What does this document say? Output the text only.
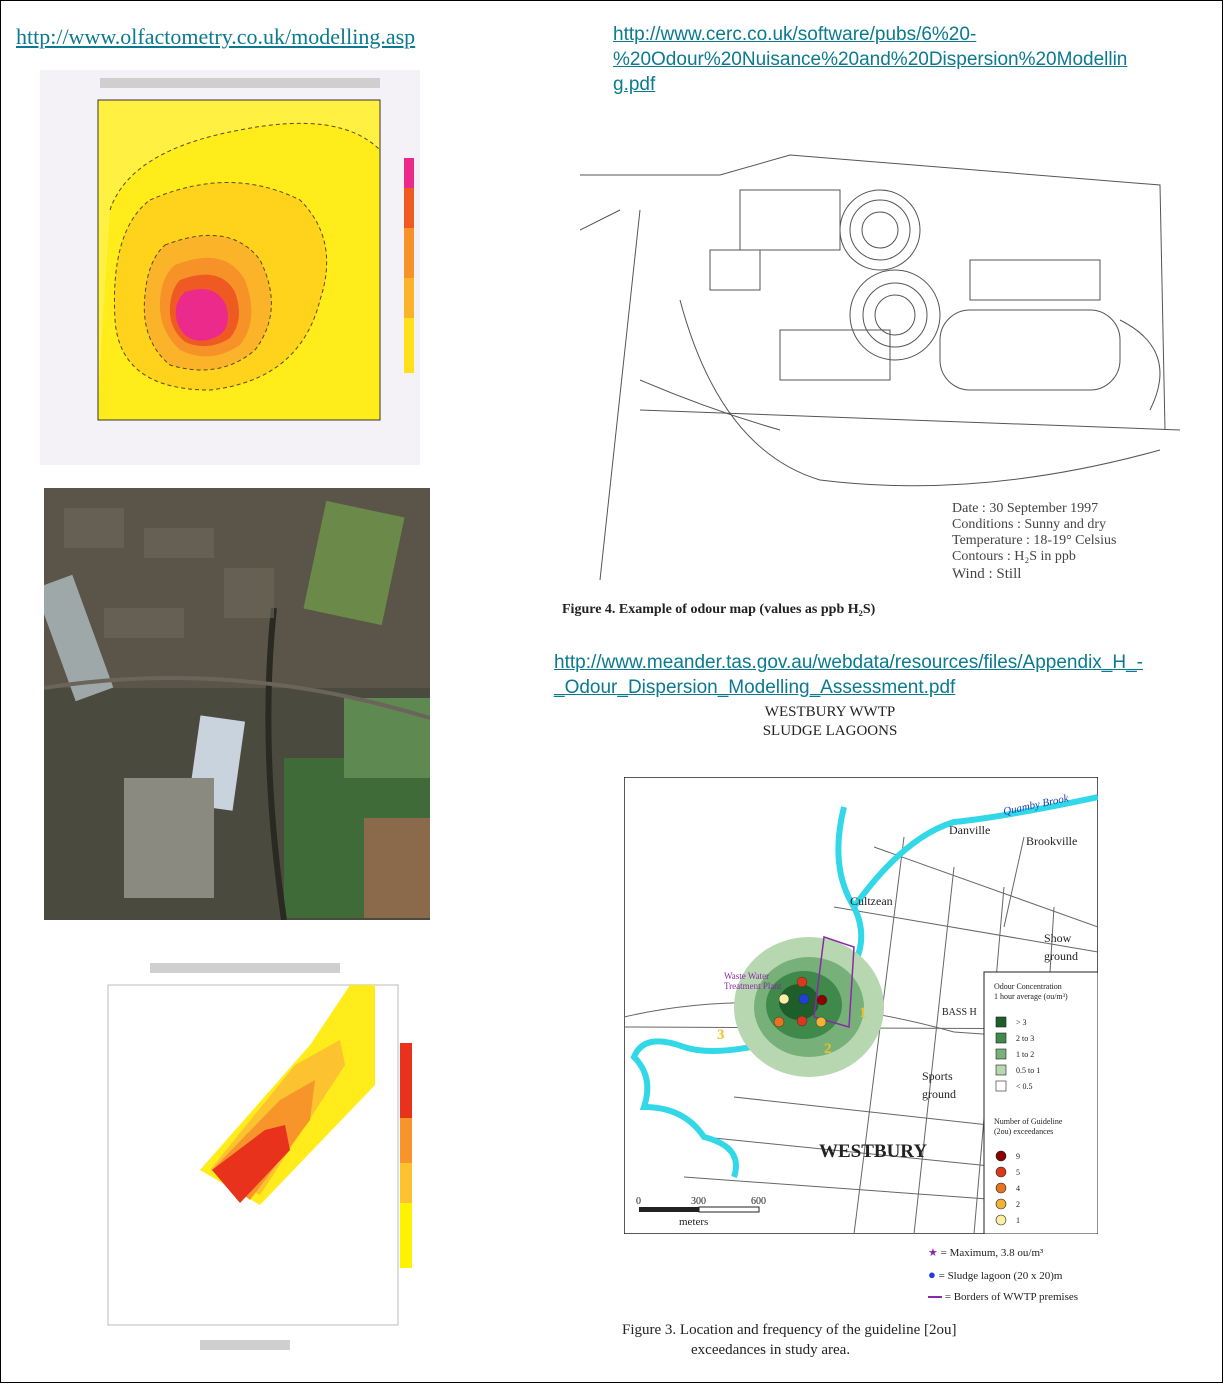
http://www.olfactometry.co.uk/modelling.asp	http://www.cerc.co.uk/software/pubs/6%20-
%20Odour%20Nuisance%20and%20Dispersion%20Modellin
g.pdf
http://www.meander.tas.gov.au/webdata/resources/files/Appendix_H_-
_Odour_Dispersion_Modelling_Assessment.pdf
Date : 30 September 1997
Conditions : Sunny and dry
Temperature : 18-19° Celsius
Contours : H₂S in ppb
Wind : Still
Figure 4. Example of odour map (values as ppb H₂S)
WESTBURY WWTP
SLUDGE LAGOONS
Quamby Brook
Danville
Brookville
Cultzean
Show
ground
BASS H
Sports
ground
WESTBURY
Waste Water
Treatment Plant
1
2
3
0	300	600
meters
Odour Concentration
1 hour average (ou/m³)
> 3
2 to 3
1 to 2
0.5 to 1
< 0.5
Number of Guideline
(2ou) exceedances
9
5
4
2
1
★ = Maximum, 3.8 ou/m³
● = Sludge lagoon (20 x 20)m
= Borders of WWTP premises
Figure 3. Location and frequency of the guideline [2ou]
exceedances in study area.
